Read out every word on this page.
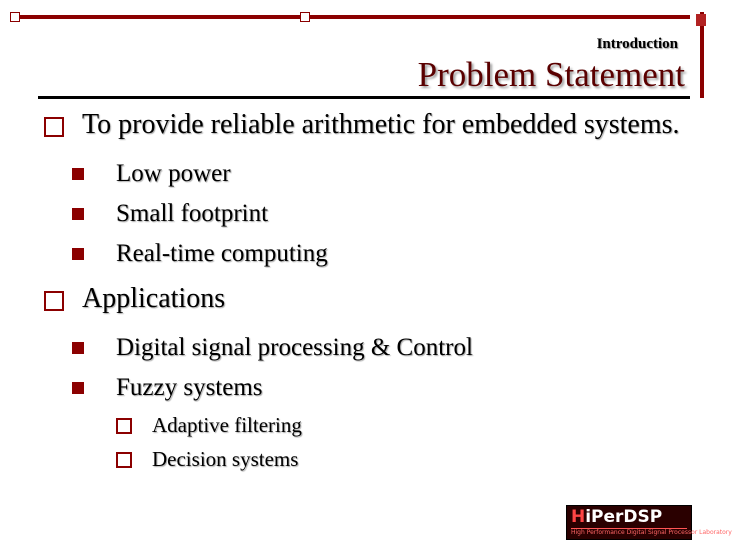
Introduction
Problem Statement
To provide reliable arithmetic for embedded systems.
Low power
Small footprint
Real-time computing
Applications
Digital signal processing & Control
Fuzzy systems
Adaptive filtering
Decision systems
HiPerDSP
High Performance Digital Signal Processor Laboratory
